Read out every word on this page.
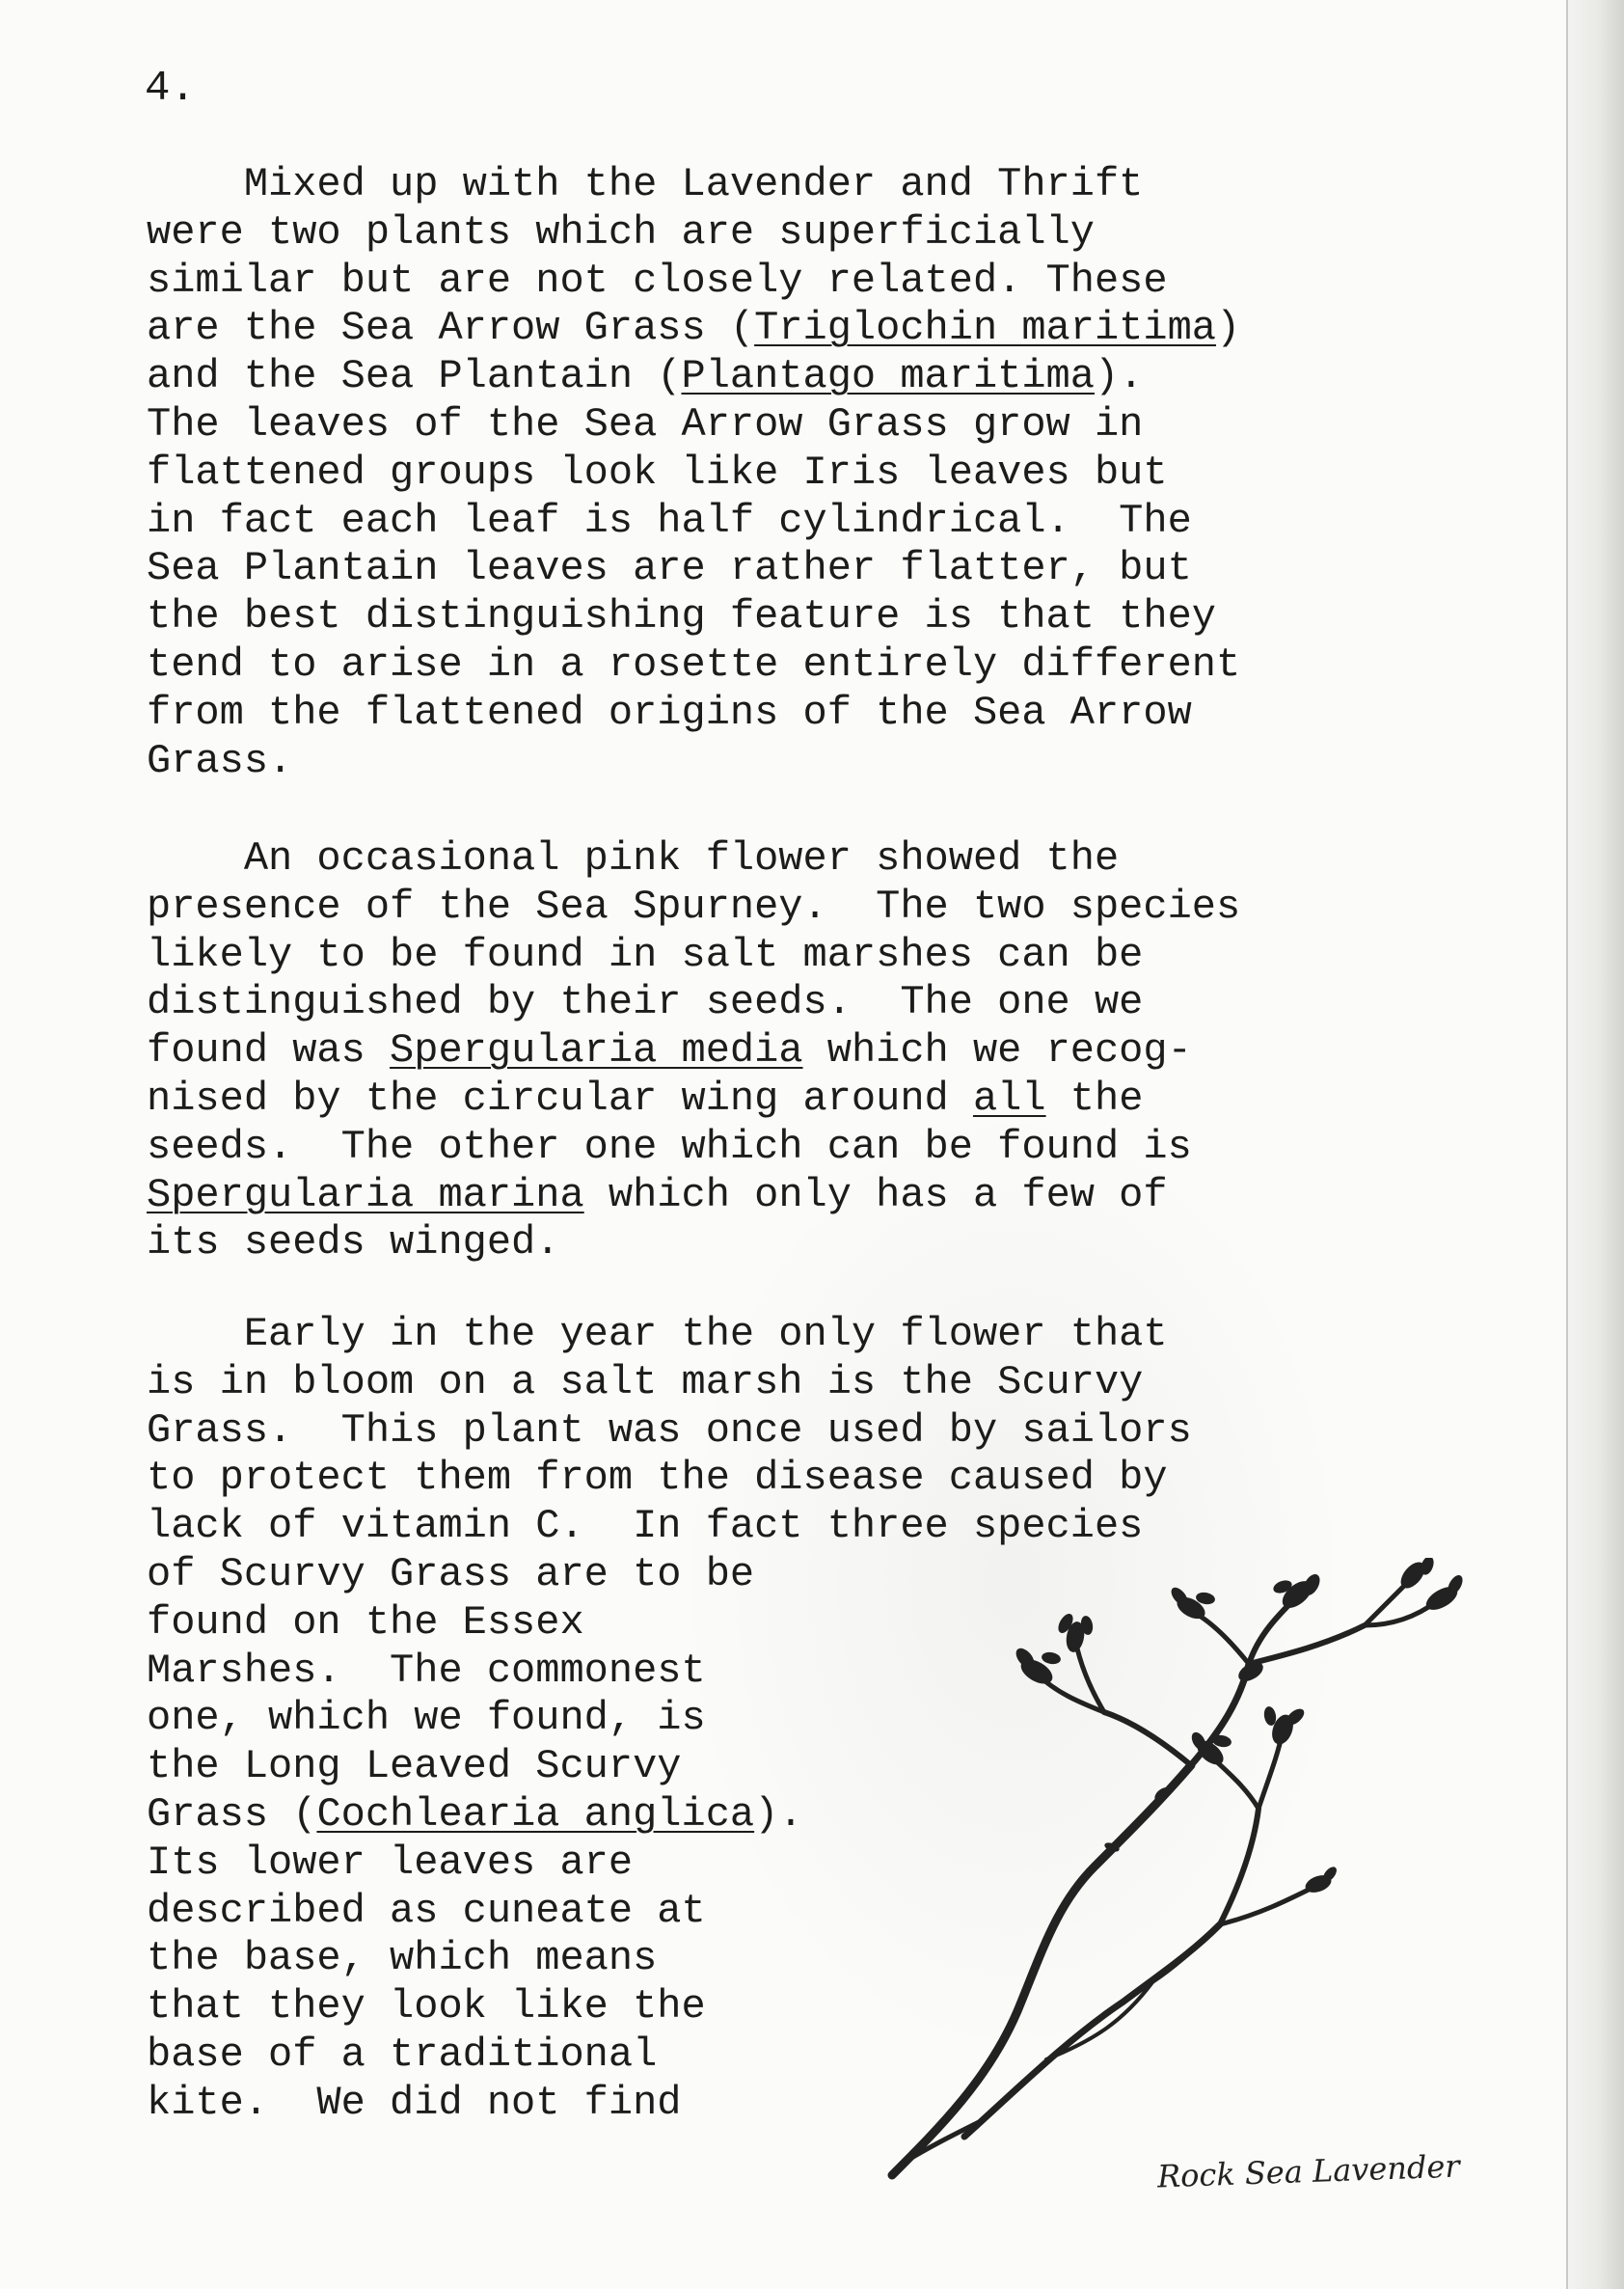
4.
Mixed up with the Lavender and Thrift
were two plants which are superficially
similar but are not closely related. These
are the Sea Arrow Grass (Triglochin maritima)
and the Sea Plantain (Plantago maritima).
The leaves of the Sea Arrow Grass grow in
flattened groups look like Iris leaves but
in fact each leaf is half cylindrical.  The
Sea Plantain leaves are rather flatter, but
the best distinguishing feature is that they
tend to arise in a rosette entirely different
from the flattened origins of the Sea Arrow
Grass.
An occasional pink flower showed the
presence of the Sea Spurney.  The two species
likely to be found in salt marshes can be
distinguished by their seeds.  The one we
found was Spergularia media which we recog-
nised by the circular wing around all the
seeds.  The other one which can be found is
Spergularia marina which only has a few of
its seeds winged.
Early in the year the only flower that
is in bloom on a salt marsh is the Scurvy
Grass.  This plant was once used by sailors
to protect them from the disease caused by
lack of vitamin C.  In fact three species
of Scurvy Grass are to be
found on the Essex
Marshes.  The commonest
one, which we found, is
the Long Leaved Scurvy
Grass (Cochlearia anglica).
Its lower leaves are
described as cuneate at
the base, which means
that they look like the
base of a traditional
kite.  We did not find
Rock Sea Lavender
